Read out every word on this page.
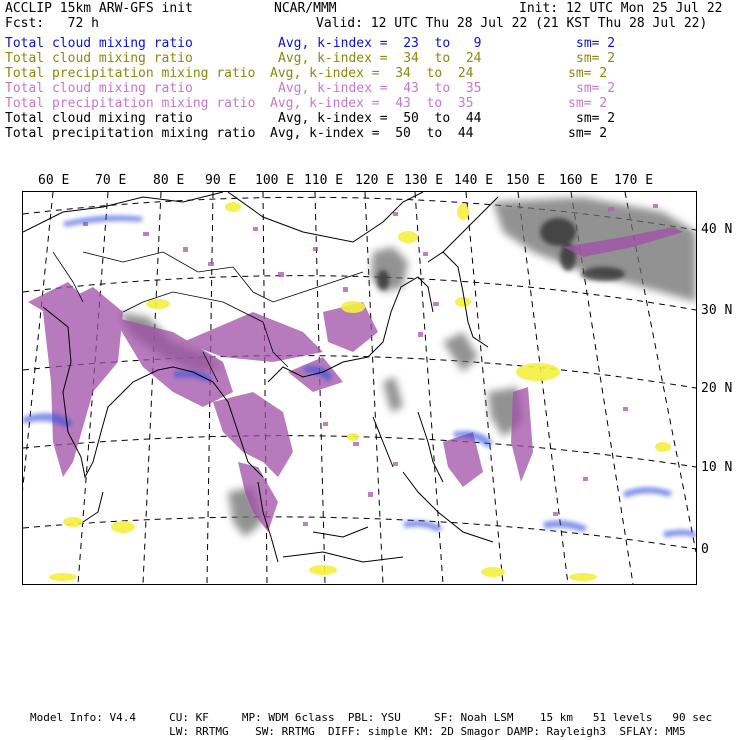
ACCLIP 15km ARW-GFS init	NCAR/MMM	Init: 12 UTC Mon 25 Jul 22
Fcst:   72 h	Valid: 12 UTC Thu 28 Jul 22 (21 KST Thu 28 Jul 22)
Total cloud mixing ratio	Avg, k-index =  23  to   9	sm= 2
Total cloud mixing ratio	Avg, k-index =  34  to  24	sm= 2
Total precipitation mixing ratio Avg, k-index =  34  to  24	sm= 2
Total cloud mixing ratio	Avg, k-index =  43  to  35	sm= 2
Total precipitation mixing ratio Avg, k-index =  43  to  35	sm= 2
Total cloud mixing ratio	Avg, k-index =  50  to  44	sm= 2
Total precipitation mixing ratio Avg, k-index =  50  to  44	sm= 2
60 E 70 E 80 E 90 E 100 E 110 E 120 E 130 E 140 E 150 E 160 E 170 E
40 N
30 N
20 N
10 N
0
Model Info: V4.4     CU: KF     MP: WDM 6class  PBL: YSU     SF: Noah LSM    15 km   51 levels   90 sec
LW: RRTMG    SW: RRTMG  DIFF: simple KM: 2D Smagor DAMP: Rayleigh3  SFLAY: MM5
